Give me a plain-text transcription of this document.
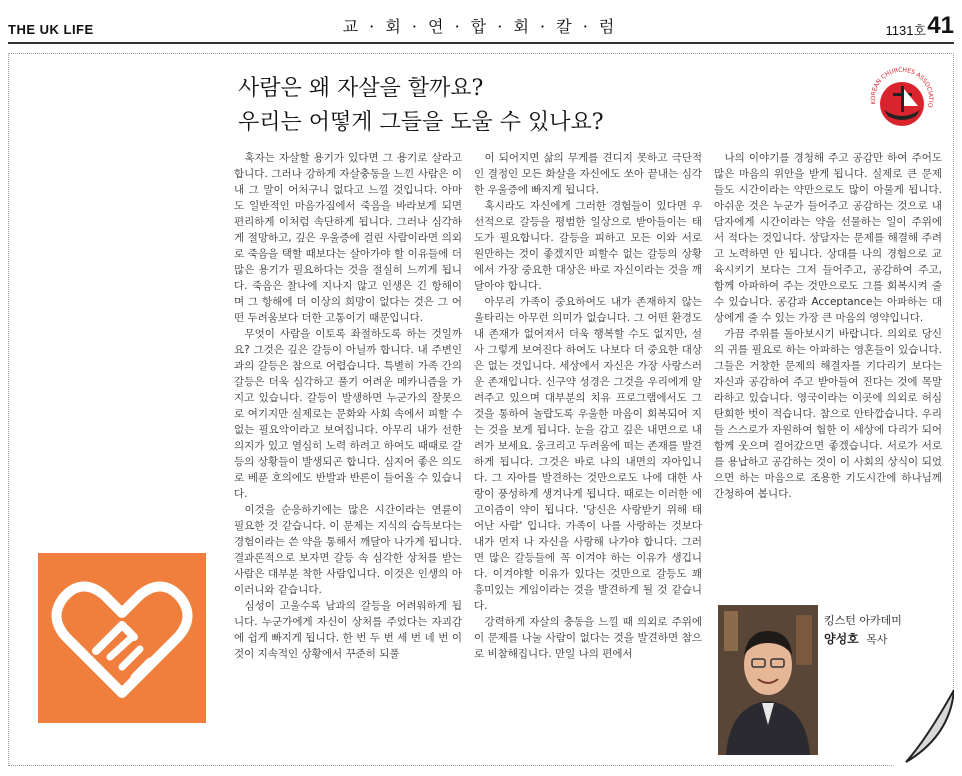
THE UK LIFE	교 · 회 · 연 · 합 · 회 · 칼 · 럼	1131호 41
사람은 왜 자살을 할까요?
우리는 어떻게 그들을 도울 수 있나요?
KOREAN CHURCHES ASSOCIATIO

혹자는 자살할 용기가 있다면 그 용기로 살라고 합니다. 그러나 강하게 자살충동을 느낀 사람은 이내 그 말이 어처구니 없다고 느낄 것입니다. 아마도 일반적인 마음가짐에서 죽음을 바라보게 되면 편리하게 이처럼 속단하게 됩니다. 그러나 심각하게 절망하고, 깊은 우울증에 걸린 사람이라면 의외로 죽음을 택할 때보다는 살아가야 할 이유들에 더 많은 용기가 필요하다는 것을 절실히 느끼게 됩니다. 죽음은 찰나에 지나지 않고 인생은 긴 항해이며 그 항해에 더 이상의 희망이 없다는 것은 그 어떤 두려움보다 더한 고통이기 때문입니다.

무엇이 사람을 이토록 좌절하도록 하는 것일까요? 그것은 깊은 갈등이 아닐까 합니다. 내 주변인과의 갈등은 참으로 어렵습니다. 특별히 가족 간의 갈등은 더욱 심각하고 풀기 어려운 메카니즘을 가지고 있습니다. 갈등이 발생하면 누군가의 잘못으로 여기지만 실제로는 문화와 사회 속에서 피할 수 없는 필요악이라고 보여집니다. 아무리 내가 선한 의지가 있고 열심히 노력 하려고 하여도 때때로 갈등의 상황들이 발생되곤 합니다. 심지어 좋은 의도로 베푼 호의에도 반발과 반론이 들어올 수 있습니다.

이것을 순응하기에는 많은 시간이라는 연륜이 필요한 것 같습니다. 이 문제는 지식의 습득보다는 경험이라는 쓴 약을 통해서 깨달아 나가게 됩니다. 결과론적으로 보자면 갈등 속 심각한 상처를 받는 사람은 대부분 착한 사람입니다. 이것은 인생의 아이러니와 같습니다.

심성이 고울수록 남과의 갈등을 어려워하게 됩니다. 누군가에게 자신이 상처를 주었다는 자괴감에 쉽게 빠지게 됩니다. 한 번 두 번 세 번 네 번 이것이 지속적인 상황에서 꾸준히 되풀

이 되어지면 삶의 무게를 견디지 못하고 극단적인 결정인 모든 화살을 자신에도 쏘아 끝내는 심각한 우울증에 빠지게 됩니다.

혹시라도 자신에게 그러한 경험들이 있다면 우선적으로 갈등을 평범한 일상으로 받아들이는 태도가 필요합니다. 갈등을 피하고 모든 이와 서로 원만하는 것이 좋겠지만 피할수 없는 갈등의 상황에서 가장 중요한 대상은 바로 자신이라는 것을 깨달아야 합니다.

아무리 가족이 중요하여도 내가 존재하지 않는 울타리는 아무런 의미가 없습니다. 그 어떤 환경도 내 존재가 없어져서 더욱 행복할 수도 없지만, 설사 그렇게 보여진다 하여도 나보다 더 중요한 대상은 없는 것입니다. 세상에서 자신은 가장 사랑스러운 존재입니다. 신구약 성경은 그것을 우리에게 알려주고 있으며 대부분의 치유 프로그램에서도 그것을 통하여 놀랍도록 우울한 마음이 회복되어 지는 것을 보게 됩니다. 눈을 감고 깊은 내면으로 내려가 보세요. 웅크리고 두려움에 떠는 존재를 발견하게 됩니다. 그것은 바로 나의 내면의 자아입니다. 그 자아를 발견하는 것만으로도 나에 대한 사랑이 풍성하게 생겨나게 됩니다. 때로는 이러한 에고이즘이 약이 됩니다. '당신은 사랑받기 위해 태어난 사람' 입니다. 가족이 나를 사랑하는 것보다 내가 먼저 나 자신을 사랑해 나가야 합니다. 그러면 많은 갈등들에 꼭 이겨야 하는 이유가 생깁니다. 이겨야할 이유가 있다는 것만으로 갈등도 꽤 흥미있는 게임이라는 것을 발견하게 될 것 같습니다.

강력하게 자살의 충동을 느낄 때 의외로 주위에 이 문제를 나눌 사람이 없다는 것을 발견하면 참으로 비참해집니다. 만일 나의 편에서

나의 이야기를 경청해 주고 공감만 하여 주어도 많은 마음의 위안을 받게 됩니다. 실제로 큰 문제들도 시간이라는 약만으로도 많이 아물게 됩니다. 아쉬운 것은 누군가 들어주고 공감하는 것으로 내담자에게 시간이라는 약을 선물하는 일이 주위에서 적다는 것입니다. 상담자는 문제를 해결해 주려고 노력하면 안 됩니다. 상대를 나의 경험으로 교육시키기 보다는 그저 들어주고, 공감하여 주고, 함께 아파하여 주는 것만으로도 그를 회복시켜 줄 수 있습니다. 공감과 Acceptance는 아파하는 대상에게 줄 수 있는 가장 큰 마음의 영약입니다.

가끔 주위를 돌아보시기 바랍니다. 의외로 당신의 귀를 필요로 하는 아파하는 영혼들이 있습니다. 그들은 거창한 문제의 해결자를 기다리기 보다는 자신과 공감하여 주고 받아들여 진다는 것에 목말라하고 있습니다. 영국이라는 이곳에 의외로 허심탄회한 벗이 적습니다. 참으로 안타깝습니다. 우리들 스스로가 자원하여 험한 이 세상에 다리가 되어 함께 웃으며 걸어갔으면 좋겠습니다. 서로가 서로를 용납하고 공감하는 것이 이 사회의 상식이 되었으면 하는 마음으로 조용한 기도시간에 하나님께 간청하여 봅니다.

킹스턴 아카데미
양성호 목사
